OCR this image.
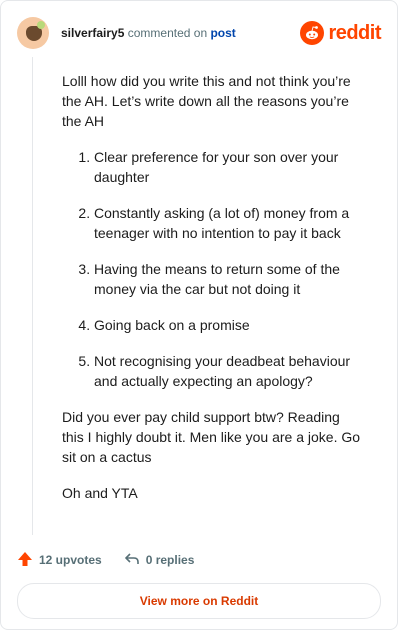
silverfairy5 commented on post	reddit

Lolll how did you write this and not think you’re the AH. Let’s write down all the reasons you’re the AH

1. Clear preference for your son over your daughter
2. Constantly asking (a lot of) money from a teenager with no intention to pay it back
3. Having the means to return some of the money via the car but not doing it
4. Going back on a promise
5. Not recognising your deadbeat behaviour and actually expecting an apology?

Did you ever pay child support btw? Reading this I highly doubt it. Men like you are a joke. Go sit on a cactus

Oh and YTA

12 upvotes	0 replies
View more on Reddit
